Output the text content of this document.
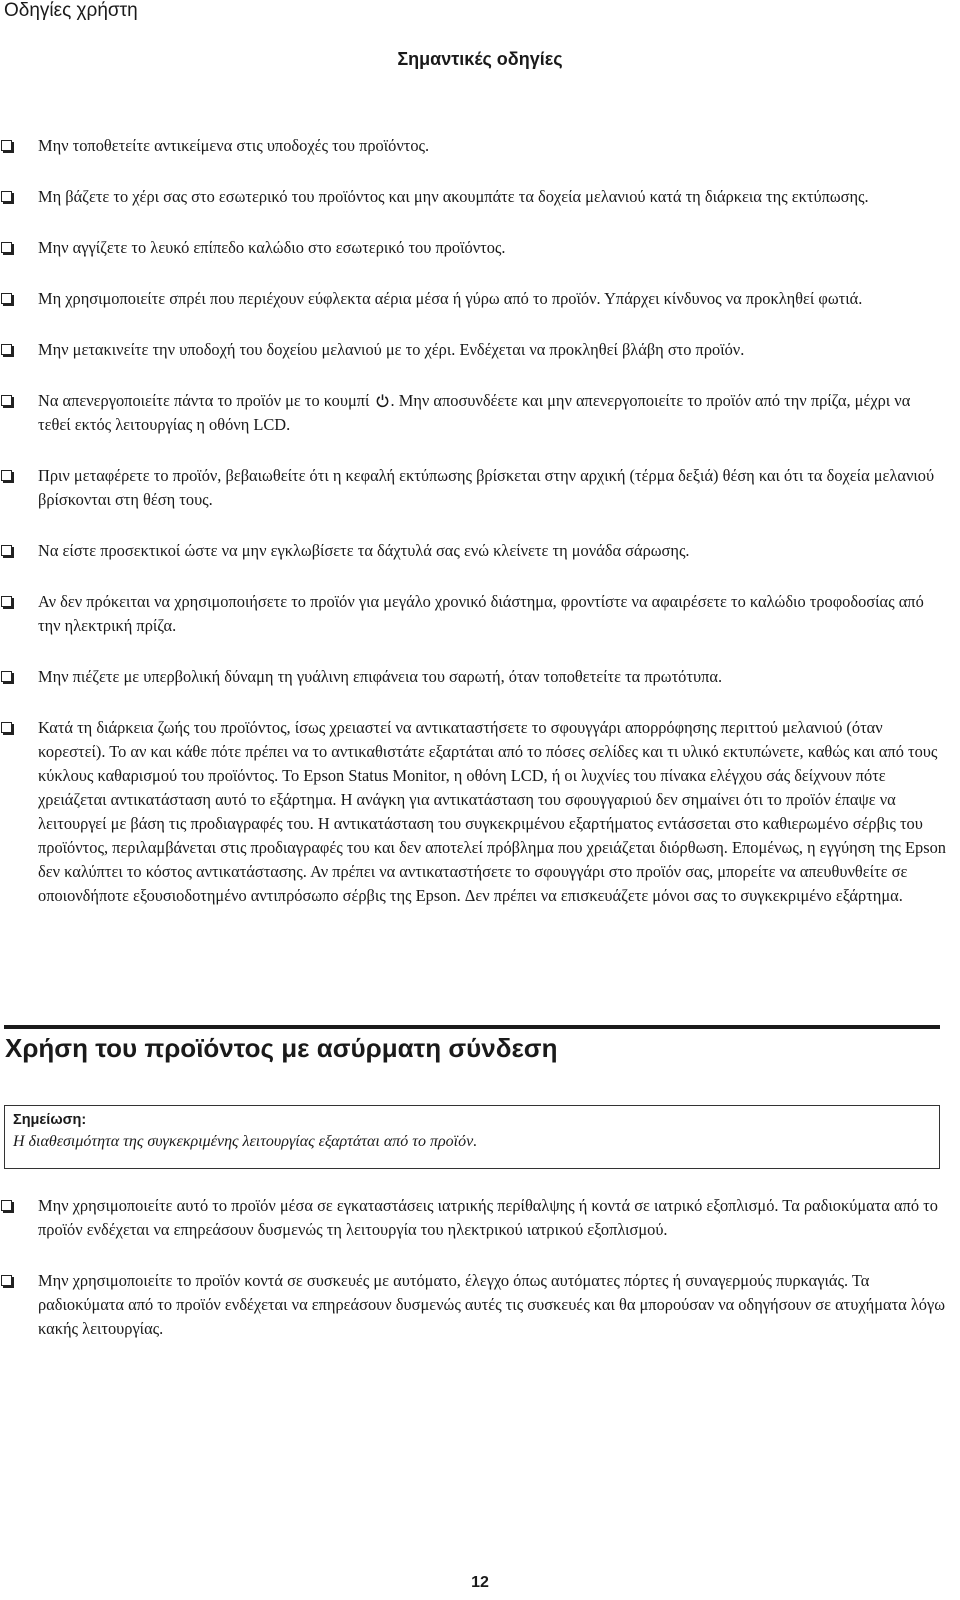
Οδηγίες χρήστη
Σημαντικές οδηγίες
Μην τοποθετείτε αντικείμενα στις υποδοχές του προϊόντος.
Μη βάζετε το χέρι σας στο εσωτερικό του προϊόντος και μην ακουμπάτε τα δοχεία μελανιού κατά τη διάρκεια της εκτύπωσης.
Μην αγγίζετε το λευκό επίπεδο καλώδιο στο εσωτερικό του προϊόντος.
Μη χρησιμοποιείτε σπρέι που περιέχουν εύφλεκτα αέρια μέσα ή γύρω από το προϊόν. Υπάρχει κίνδυνος να προκληθεί φωτιά.
Μην μετακινείτε την υποδοχή του δοχείου μελανιού με το χέρι. Ενδέχεται να προκληθεί βλάβη στο προϊόν.
Να απενεργοποιείτε πάντα το προϊόν με το κουμπί . Μην αποσυνδέετε και μην απενεργοποιείτε το προϊόν από την πρίζα, μέχρι να τεθεί εκτός λειτουργίας η οθόνη LCD.
Πριν μεταφέρετε το προϊόν, βεβαιωθείτε ότι η κεφαλή εκτύπωσης βρίσκεται στην αρχική (τέρμα δεξιά) θέση και ότι τα δοχεία μελανιού βρίσκονται στη θέση τους.
Να είστε προσεκτικοί ώστε να μην εγκλωβίσετε τα δάχτυλά σας ενώ κλείνετε τη μονάδα σάρωσης.
Αν δεν πρόκειται να χρησιμοποιήσετε το προϊόν για μεγάλο χρονικό διάστημα, φροντίστε να αφαιρέσετε το καλώδιο τροφοδοσίας από την ηλεκτρική πρίζα.
Μην πιέζετε με υπερβολική δύναμη τη γυάλινη επιφάνεια του σαρωτή, όταν τοποθετείτε τα πρωτότυπα.
Κατά τη διάρκεια ζωής του προϊόντος, ίσως χρειαστεί να αντικαταστήσετε το σφουγγάρι απορρόφησης περιττού μελανιού (όταν κορεστεί). Το αν και κάθε πότε πρέπει να το αντικαθιστάτε εξαρτάται από το πόσες σελίδες και τι υλικό εκτυπώνετε, καθώς και από τους κύκλους καθαρισμού του προϊόντος. Το Epson Status Monitor, η οθόνη LCD, ή οι λυχνίες του πίνακα ελέγχου σάς δείχνουν πότε χρειάζεται αντικατάσταση αυτό το εξάρτημα. Η ανάγκη για αντικατάσταση του σφουγγαριού δεν σημαίνει ότι το προϊόν έπαψε να λειτουργεί με βάση τις προδιαγραφές του. Η αντικατάσταση του συγκεκριμένου εξαρτήματος εντάσσεται στο καθιερωμένο σέρβις του προϊόντος, περιλαμβάνεται στις προδιαγραφές του και δεν αποτελεί πρόβλημα που χρειάζεται διόρθωση. Επομένως, η εγγύηση της Epson δεν καλύπτει το κόστος αντικατάστασης. Αν πρέπει να αντικαταστήσετε το σφουγγάρι στο προϊόν σας, μπορείτε να απευθυνθείτε σε οποιονδήποτε εξουσιοδοτημένο αντιπρόσωπο σέρβις της Epson. Δεν πρέπει να επισκευάζετε μόνοι σας το συγκεκριμένο εξάρτημα.
Χρήση του προϊόντος με ασύρματη σύνδεση
Σημείωση:
Η διαθεσιμότητα της συγκεκριμένης λειτουργίας εξαρτάται από το προϊόν.
Μην χρησιμοποιείτε αυτό το προϊόν μέσα σε εγκαταστάσεις ιατρικής περίθαλψης ή κοντά σε ιατρικό εξοπλισμό. Τα ραδιοκύματα από το προϊόν ενδέχεται να επηρεάσουν δυσμενώς τη λειτουργία του ηλεκτρικού ιατρικού εξοπλισμού.
Μην χρησιμοποιείτε το προϊόν κοντά σε συσκευές με αυτόματο, έλεγχο όπως αυτόματες πόρτες ή συναγερμούς πυρκαγιάς. Τα ραδιοκύματα από το προϊόν ενδέχεται να επηρεάσουν δυσμενώς αυτές τις συσκευές και θα μπορούσαν να οδηγήσουν σε ατυχήματα λόγω κακής λειτουργίας.
12
